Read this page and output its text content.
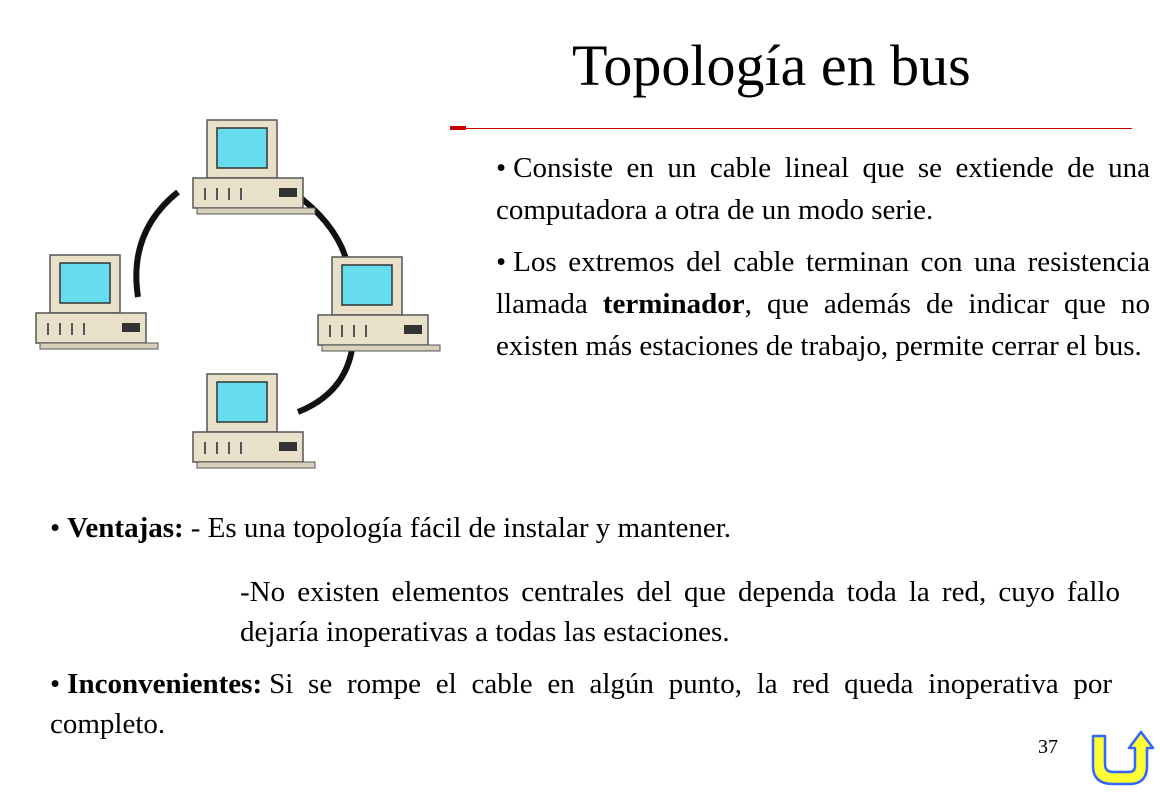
Topología en bus

• Consiste en un cable lineal que se extiende de una computadora a otra de un modo serie.

• Los extremos del cable terminan con una resistencia llamada terminador, que además de indicar que no existen más estaciones de trabajo, permite cerrar el bus.

• Ventajas: - Es una topología fácil de instalar y mantener.
-No existen elementos centrales del que dependa toda la red, cuyo fallo dejaría inoperativas a todas las estaciones.
• Inconvenientes: Si se rompe el cable en algún punto, la red queda inoperativa por completo.
37
